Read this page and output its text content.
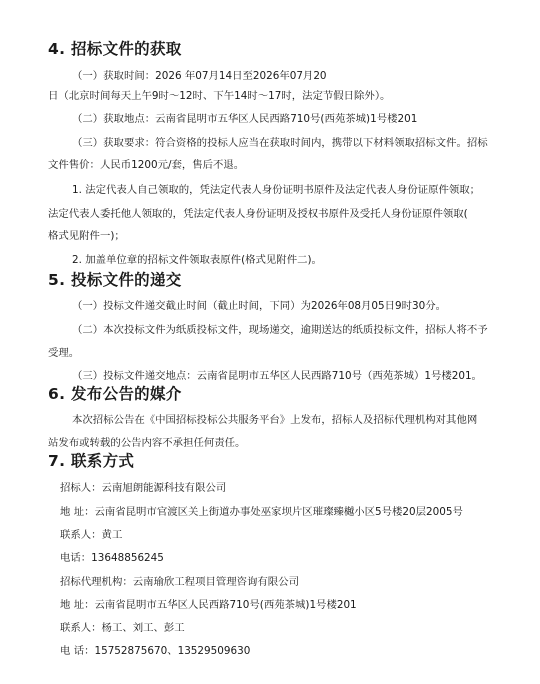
4. 招标文件的获取
（一）获取时间：2026 年07月14日至2026年07月20
日（北京时间每天上午9时～12时、下午14时～17时，法定节假日除外）。
（二）获取地点：云南省昆明市五华区人民西路710号(西苑茶城)1号楼201
（三）获取要求：符合资格的投标人应当在获取时间内，携带以下材料领取招标文件。招标
文件售价：人民币1200元/套，售后不退。
1. 法定代表人自己领取的，凭法定代表人身份证明书原件及法定代表人身份证原件领取；
法定代表人委托他人领取的，凭法定代表人身份证明及授权书原件及受托人身份证原件领取(
格式见附件一)；
2. 加盖单位章的招标文件领取表原件(格式见附件二)。
5. 投标文件的递交
（一）投标文件递交截止时间（截止时间，下同）为2026年08月05日9时30分。
（二）本次投标文件为纸质投标文件，现场递交，逾期送达的纸质投标文件，招标人将不予
受理。
（三）投标文件递交地点：云南省昆明市五华区人民西路710号（西苑茶城）1号楼201。
6. 发布公告的媒介
本次招标公告在《中国招标投标公共服务平台》上发布，招标人及招标代理机构对其他网
站发布或转载的公告内容不承担任何责任。
7. 联系方式
招标人：云南旭朗能源科技有限公司
地 址：云南省昆明市官渡区关上街道办事处巫家坝片区璀璨臻樾小区5号楼20层2005号
联系人：黄工
电话：13648856245
招标代理机构：云南瑜欣工程项目管理咨询有限公司
地 址：云南省昆明市五华区人民西路710号(西苑茶城)1号楼201
联系人：杨工、刘工、彭工
电 话：15752875670、13529509630
